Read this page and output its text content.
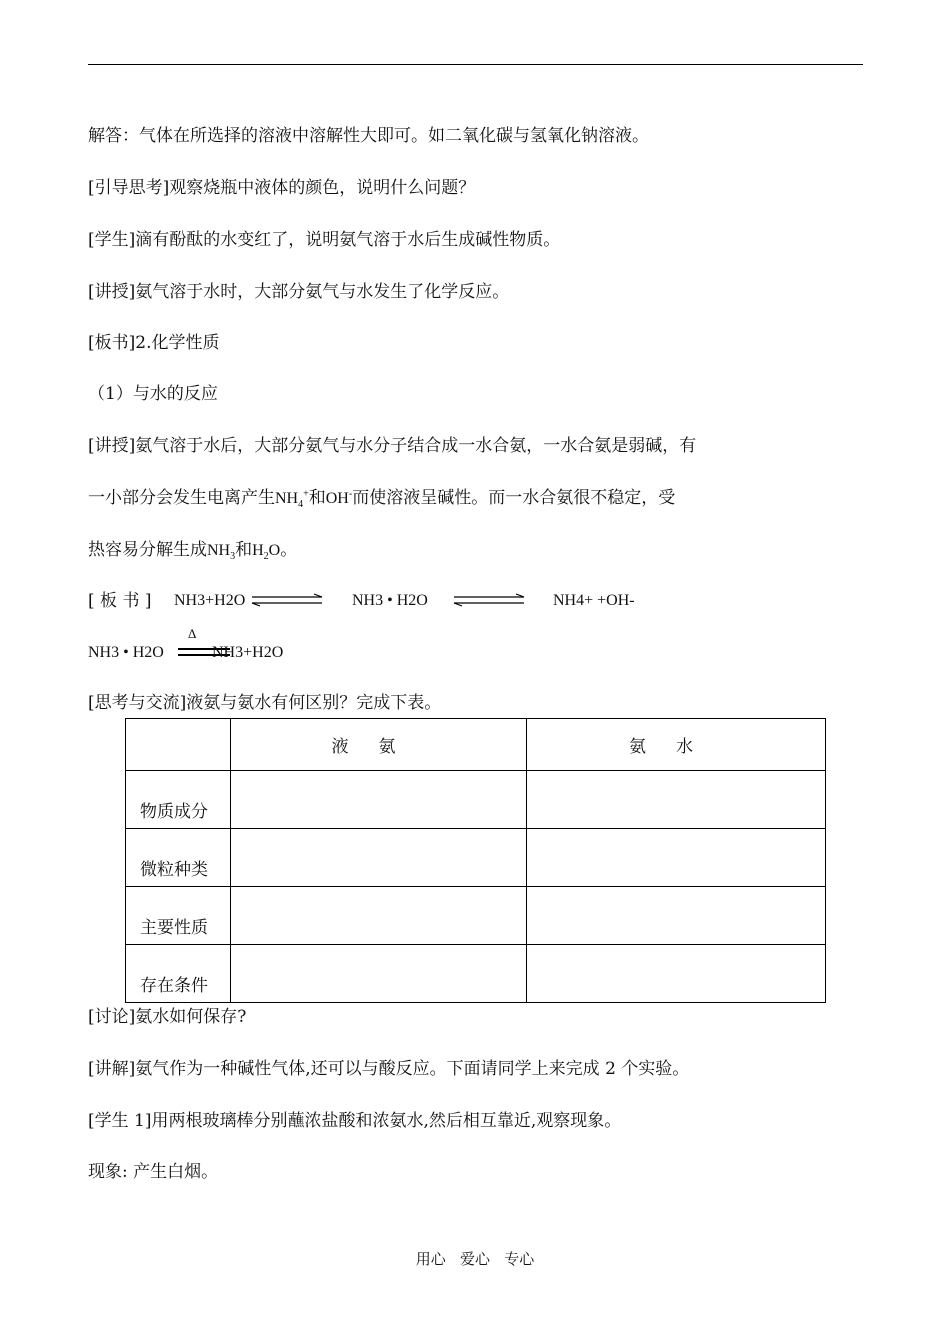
解答：气体在所选择的溶液中溶解性大即可。如二氧化碳与氢氧化钠溶液。
[引导思考]观察烧瓶中液体的颜色，说明什么问题？
[学生]滴有酚酞的水变红了，说明氨气溶于水后生成碱性物质。
[讲授]氨气溶于水时，大部分氨气与水发生了化学反应。
[板书]2.化学性质
（1）与水的反应
[讲授]氨气溶于水后，大部分氨气与水分子结合成一水合氨，一水合氨是弱碱，有
一小部分会发生电离产生$NH_4^+$和OH-而使溶液呈碱性。而一水合氨很不稳定，受
热容易分解生成$NH_3$和$H_2O$。
[ 板 书 ] NH3+H2O	NH3 • H2O	NH4+ +OH-
Δ
NH3 • H2O	NH3+H2O
[思考与交流]液氨与氨水有何区别？完成下表。
	液氨	氨水
物质成分		
微粒种类		
主要性质		
存在条件		
[讨论]氨水如何保存?
[讲解]氨气作为一种碱性气体,还可以与酸反应。下面请同学上来完成 2 个实验。
[学生 1]用两根玻璃棒分别蘸浓盐酸和浓氨水,然后相互靠近,观察现象。
现象: 产生白烟。
用心   爱心   专心
